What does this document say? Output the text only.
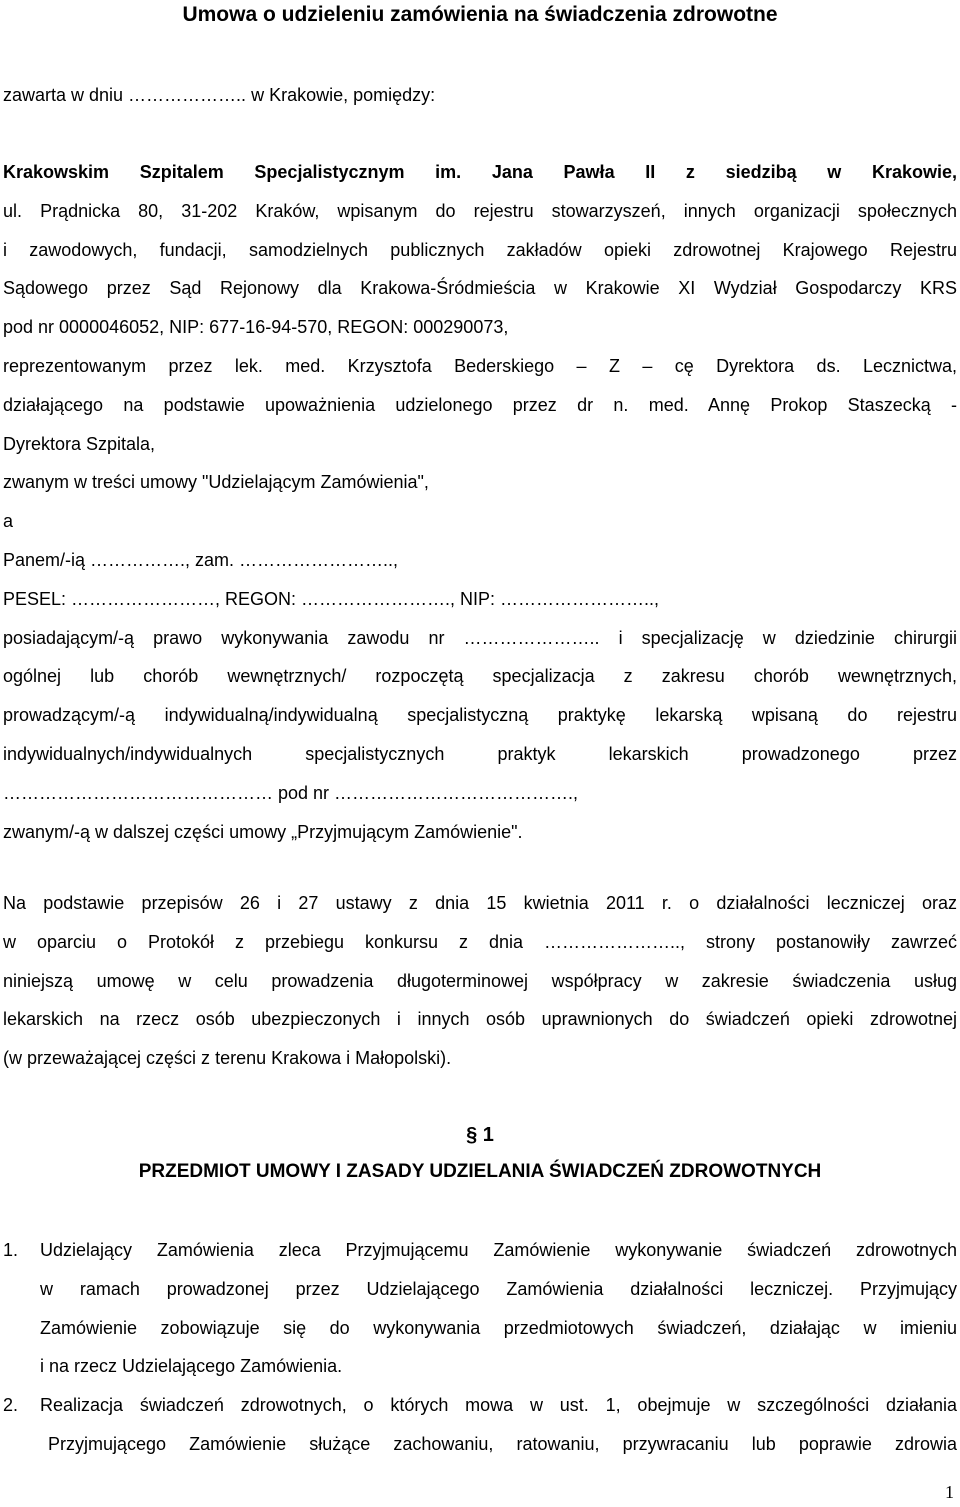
Umowa o udzieleniu zamówienia na świadczenia zdrowotne
zawarta w dniu ……………….. w Krakowie, pomiędzy:
Krakowskim Szpitalem Specjalistycznym im. Jana Pawła II z siedzibą w Krakowie,
ul. Prądnicka 80, 31-202 Kraków, wpisanym do rejestru stowarzyszeń, innych organizacji społecznych
i zawodowych, fundacji, samodzielnych publicznych zakładów opieki zdrowotnej Krajowego Rejestru
Sądowego przez Sąd Rejonowy dla Krakowa-Śródmieścia w Krakowie XI Wydział Gospodarczy KRS
pod nr 0000046052, NIP: 677-16-94-570, REGON: 000290073,
reprezentowanym przez lek. med. Krzysztofa Bederskiego – Z – cę Dyrektora ds. Lecznictwa,
działającego na podstawie upoważnienia udzielonego przez dr n. med. Annę Prokop Staszecką -
Dyrektora Szpitala,
zwanym w treści umowy "Udzielającym Zamówienia",
a
Panem/-ią ……………., zam. ……………………..,
PESEL: ……………………, REGON: ……………………., NIP: ……………………..,
posiadającym/-ą prawo wykonywania zawodu nr ………………….. i specjalizację w dziedzinie chirurgii
ogólnej lub chorób wewnętrznych/ rozpoczętą specjalizacja z zakresu chorób wewnętrznych,
prowadzącym/-ą indywidualną/indywidualną specjalistyczną praktykę lekarską wpisaną do rejestru
indywidualnych/indywidualnych specjalistycznych praktyk lekarskich prowadzonego przez
……………………………………… pod nr ………………………………….,
zwanym/-ą w dalszej części umowy „Przyjmującym Zamówienie".
Na podstawie przepisów 26 i 27 ustawy z dnia 15 kwietnia 2011 r. o działalności leczniczej oraz
w oparciu o Protokół z przebiegu konkursu z dnia ………………….., strony postanowiły zawrzeć
niniejszą umowę w celu prowadzenia długoterminowej współpracy w zakresie świadczenia usług
lekarskich na rzecz osób ubezpieczonych i innych osób uprawnionych do świadczeń opieki zdrowotnej
(w przeważającej części z terenu Krakowa i Małopolski).
§ 1
PRZEDMIOT UMOWY I ZASADY UDZIELANIA ŚWIADCZEŃ ZDROWOTNYCH
1. Udzielający Zamówienia zleca Przyjmującemu Zamówienie wykonywanie świadczeń zdrowotnych
w ramach prowadzonej przez Udzielającego Zamówienia działalności leczniczej. Przyjmujący
Zamówienie zobowiązuje się do wykonywania przedmiotowych świadczeń, działając w imieniu
i na rzecz Udzielającego Zamówienia.
2. Realizacja świadczeń zdrowotnych, o których mowa w ust. 1, obejmuje w szczególności działania
Przyjmującego Zamówienie służące zachowaniu, ratowaniu, przywracaniu lub poprawie zdrowia
1
